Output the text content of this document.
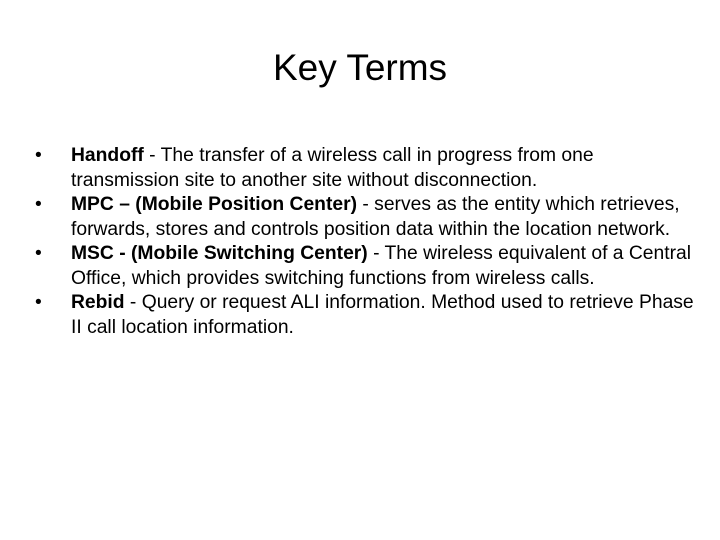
Key Terms
•	Handoff - The transfer of a wireless call in progress from one transmission site to another site without disconnection.
•	MPC – (Mobile Position Center) - serves as the entity which retrieves, forwards, stores and controls position data within the location network.
•	MSC - (Mobile Switching Center) - The wireless equivalent of a Central Office, which provides switching functions from wireless calls.
•	Rebid - Query or request ALI information. Method used to retrieve Phase II call location information.
